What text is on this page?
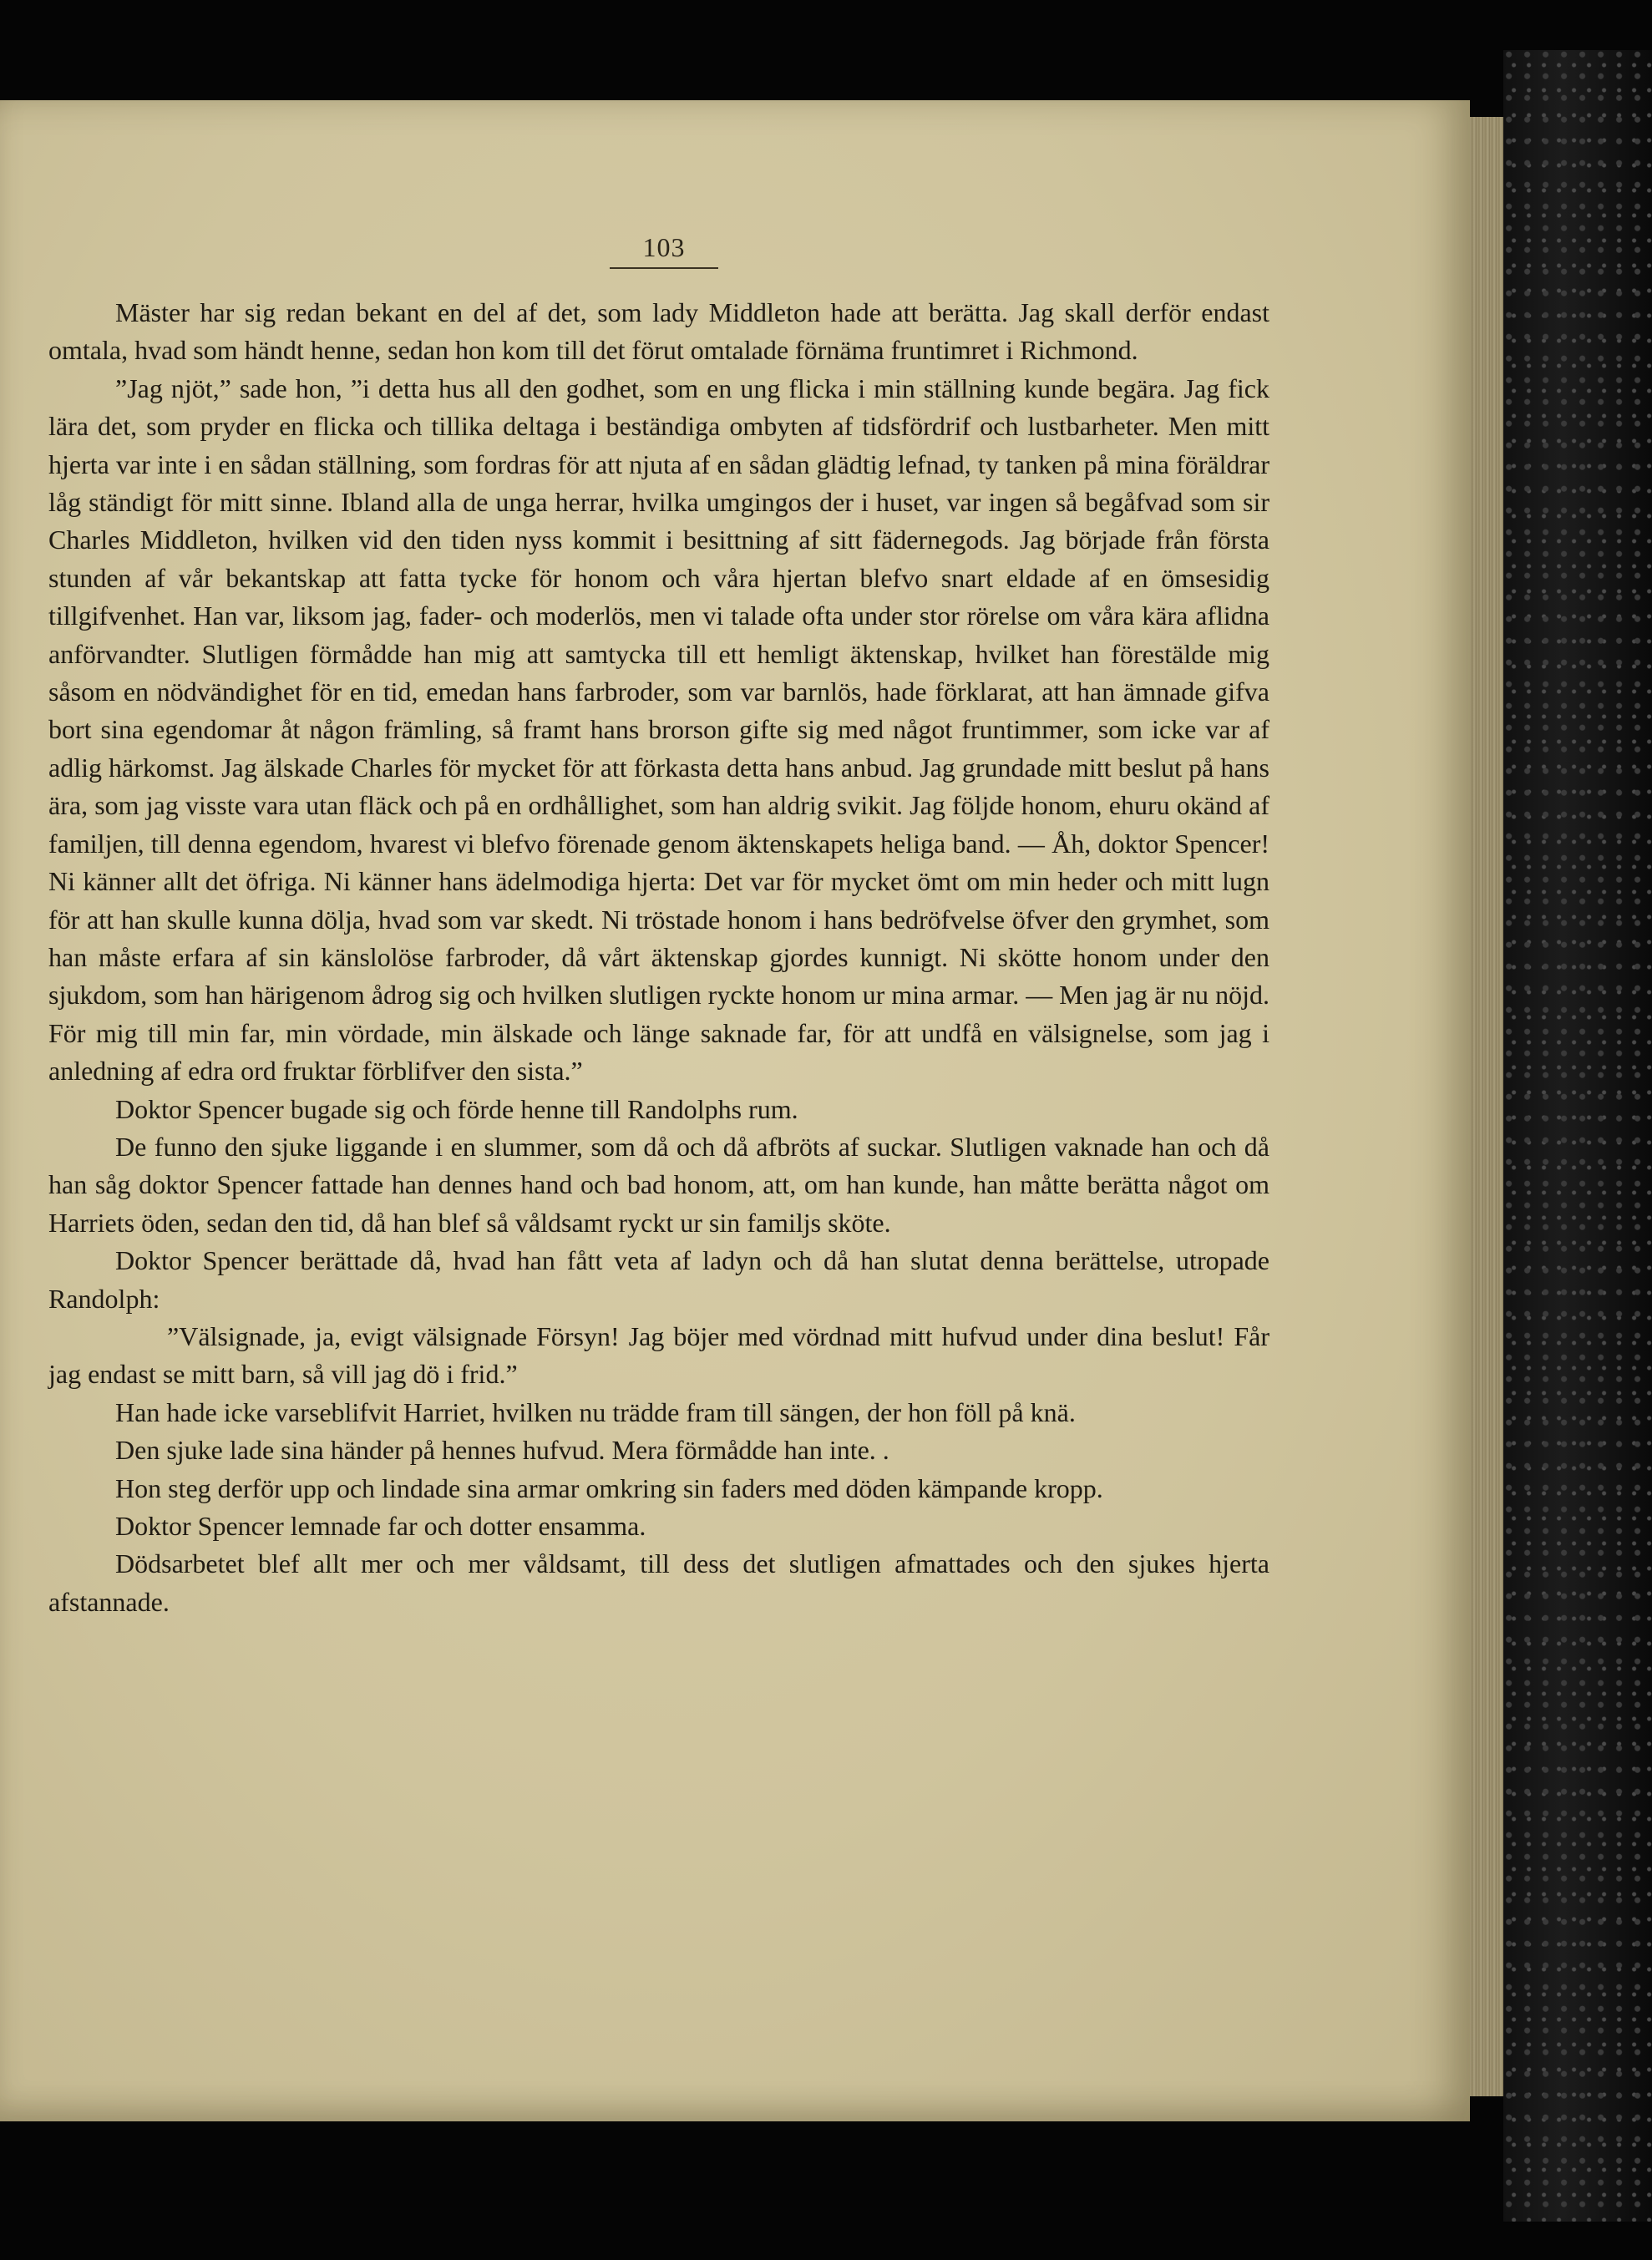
103

Mäster har sig redan bekant en del af det, som lady Middleton hade att berätta. Jag skall derför endast omtala, hvad som händt henne, sedan hon kom till det förut omtalade förnäma fruntimret i Richmond.

”Jag njöt,” sade hon, ”i detta hus all den godhet, som en ung flicka i min ställning kunde begära. Jag fick lära det, som pryder en flicka och tillika deltaga i beständiga ombyten af tidsfördrif och lustbarheter. Men mitt hjerta var inte i en sådan ställning, som fordras för att njuta af en sådan glädtig lefnad, ty tanken på mina föräldrar låg ständigt för mitt sinne. Ibland alla de unga herrar, hvilka umgingos der i huset, var ingen så begåfvad som sir Charles Middleton, hvilken vid den tiden nyss kommit i besittning af sitt fädernegods. Jag började från första stunden af vår bekantskap att fatta tycke för honom och våra hjertan blefvo snart eldade af en ömsesidig tillgifvenhet. Han var, liksom jag, fader- och moderlös, men vi talade ofta under stor rörelse om våra kära aflidna anförvandter. Slutligen förmådde han mig att samtycka till ett hemligt äktenskap, hvilket han förestälde mig såsom en nödvändighet för en tid, emedan hans farbroder, som var barnlös, hade förklarat, att han ämnade gifva bort sina egendomar åt någon främling, så framt hans brorson gifte sig med något fruntimmer, som icke var af adlig härkomst. Jag älskade Charles för mycket för att förkasta detta hans anbud. Jag grundade mitt beslut på hans ära, som jag visste vara utan fläck och på en ordhållighet, som han aldrig svikit. Jag följde honom, ehuru okänd af familjen, till denna egendom, hvarest vi blefvo förenade genom äktenskapets heliga band. — Åh, doktor Spencer! Ni känner allt det öfriga. Ni känner hans ädelmodiga hjerta: Det var för mycket ömt om min heder och mitt lugn för att han skulle kunna dölja, hvad som var skedt. Ni tröstade honom i hans bedröfvelse öfver den grymhet, som han måste erfara af sin känslolöse farbroder, då vårt äktenskap gjordes kunnigt. Ni skötte honom under den sjukdom, som han härigenom ådrog sig och hvilken slutligen ryckte honom ur mina armar. — Men jag är nu nöjd. För mig till min far, min vördade, min älskade och länge saknade far, för att undfå en välsignelse, som jag i anledning af edra ord fruktar förblifver den sista.”

Doktor Spencer bugade sig och förde henne till Randolphs rum.

De funno den sjuke liggande i en slummer, som då och då afbröts af suckar. Slutligen vaknade han och då han såg doktor Spencer fattade han dennes hand och bad honom, att, om han kunde, han måtte berätta något om Harriets öden, sedan den tid, då han blef så våldsamt ryckt ur sin familjs sköte.

Doktor Spencer berättade då, hvad han fått veta af ladyn och då han slutat denna berättelse, utropade Randolph:

”Välsignade, ja, evigt välsignade Försyn! Jag böjer med vördnad mitt hufvud under dina beslut! Får jag endast se mitt barn, så vill jag dö i frid.”

Han hade icke varseblifvit Harriet, hvilken nu trädde fram till sängen, der hon föll på knä.

Den sjuke lade sina händer på hennes hufvud. Mera förmådde han inte. .

Hon steg derför upp och lindade sina armar omkring sin faders med döden kämpande kropp.

Doktor Spencer lemnade far och dotter ensamma.

Dödsarbetet blef allt mer och mer våldsamt, till dess det slutligen afmattades och den sjukes hjerta afstannade.
